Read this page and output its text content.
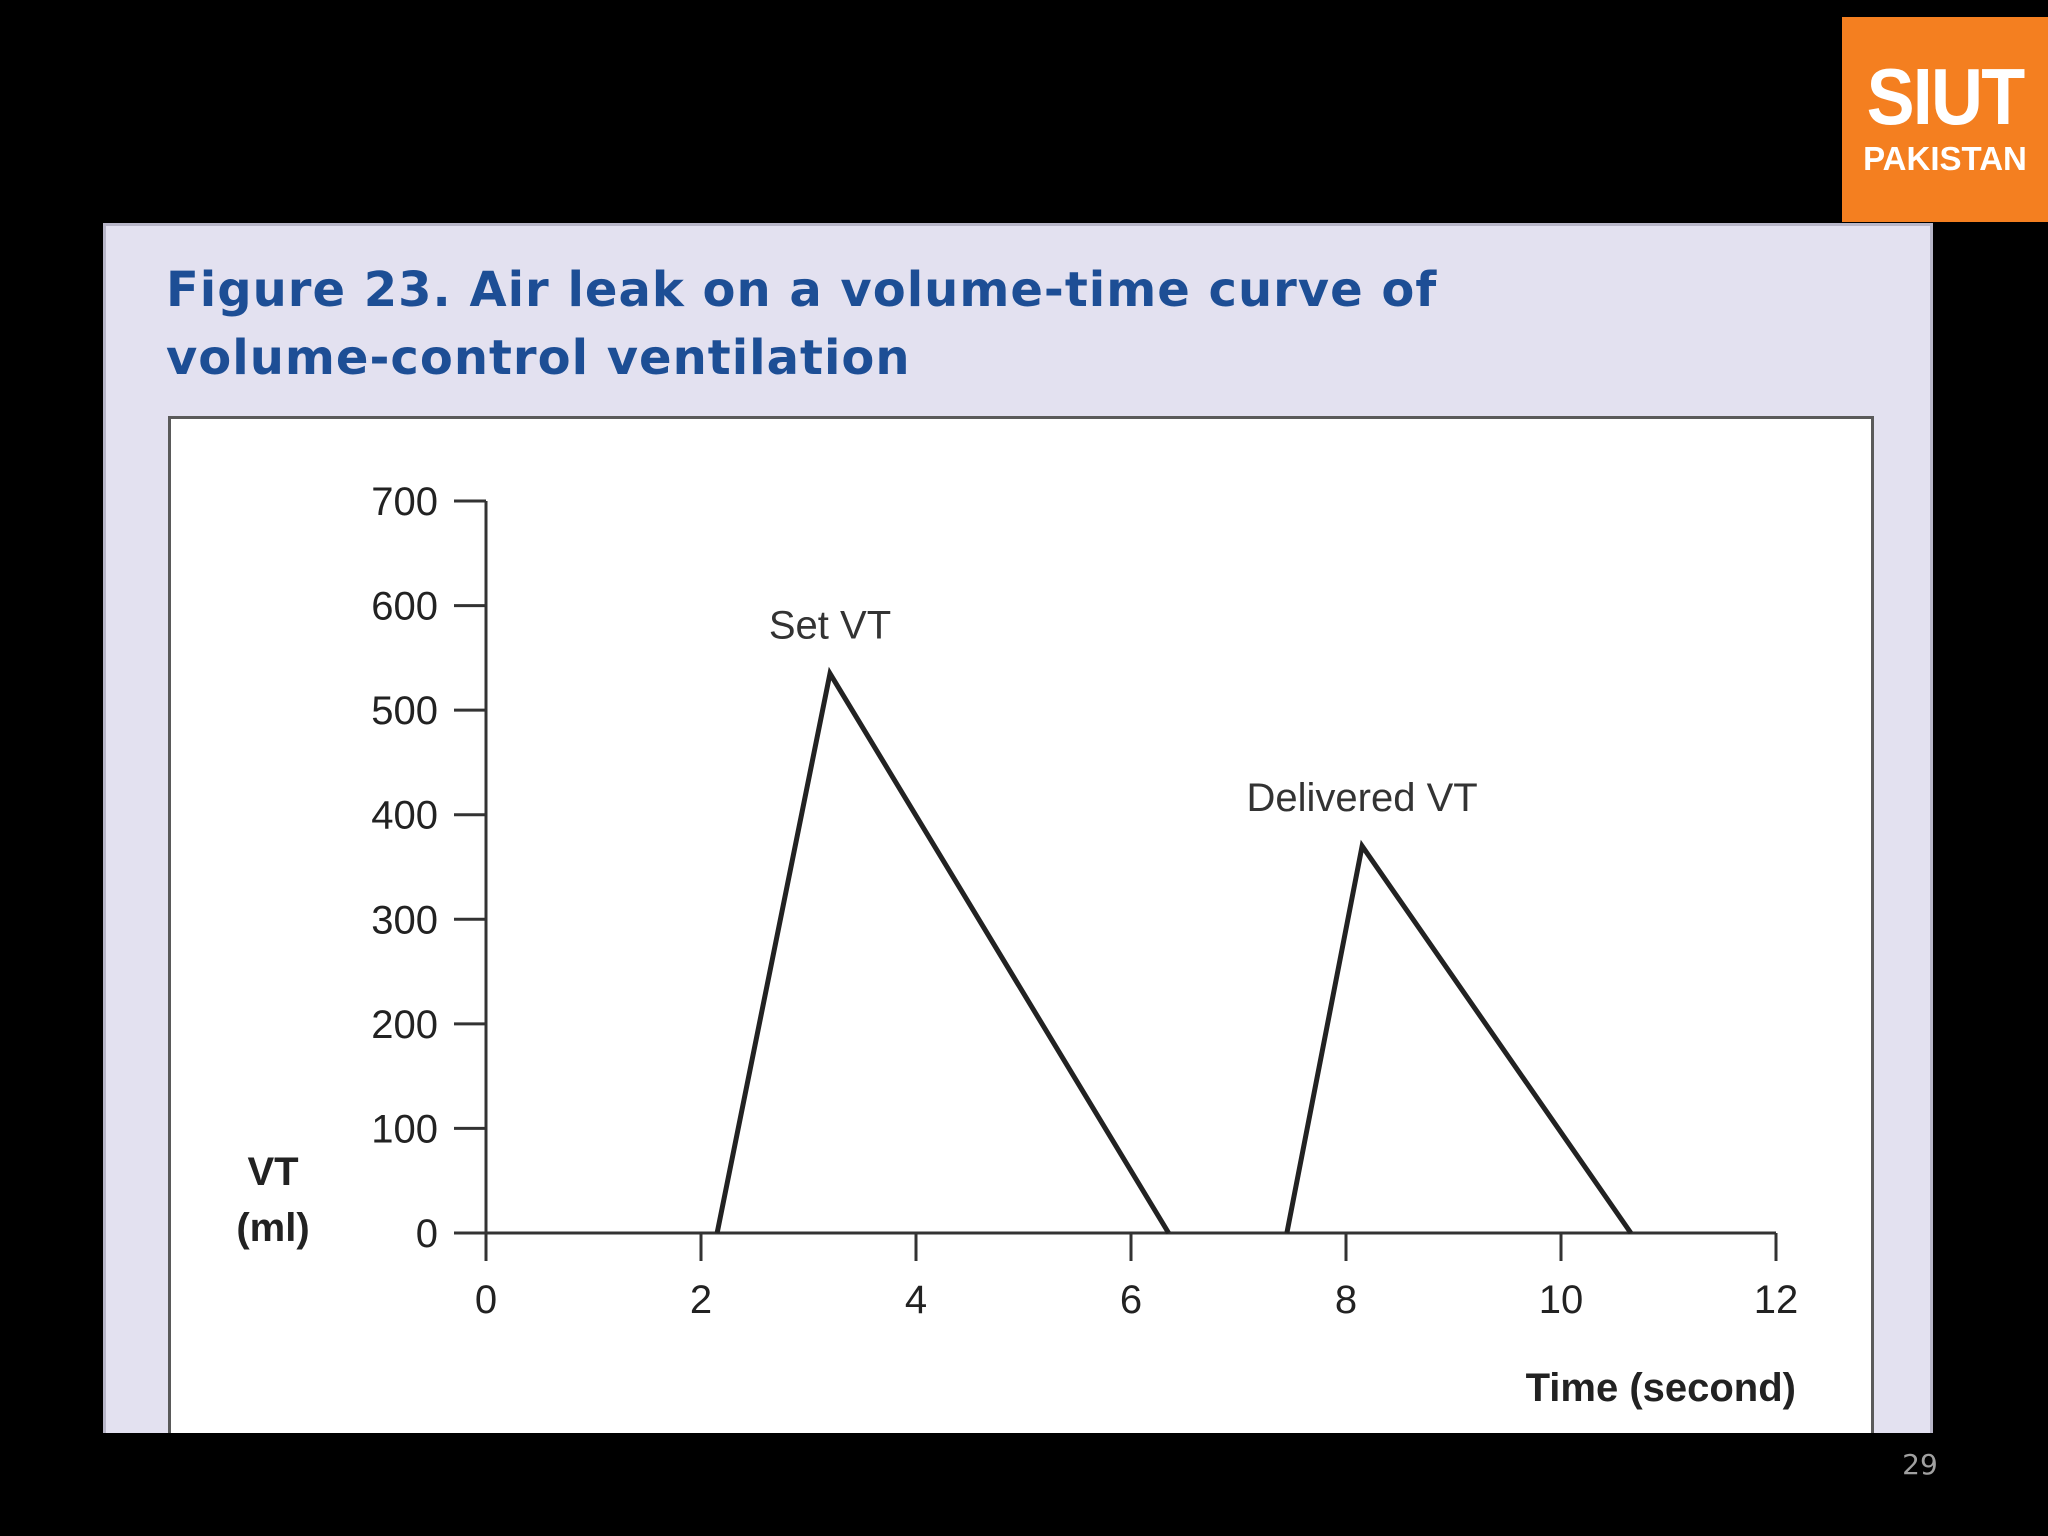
SIUT
PAKISTAN
Figure 23. Air leak on a volume-time curve of volume-control ventilation
0
100
200
300
400
500
600
700
0	2	4	6	8	10	12
Time (second)
VT
(ml)
Set VT
Delivered VT
29
